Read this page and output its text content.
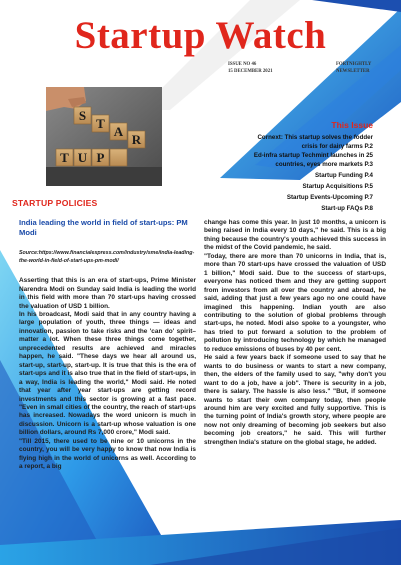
Startup Watch
ISSUE NO 46
15 DECEMBER 2021
FORTNIGHTLY
NEWSLETTER
S
T
A
R
T U P
This Issue
Cornext: This startup solves the fodder
crisis for dairy farms P.2
Ed-infra startup Techmint launches in 25
countries, eyes more markets P.3
Startup Funding P.4
Startup Acquisitions P.5
Startup Events-Upcoming P.7
Start-up FAQs P.8
STARTUP POLICIES
India leading the world in field of start-ups: PM Modi
Source:https://www.financialexpress.com/industry/sme/india-leading-the-world-in-field-of-start-ups-pm-modi/
Asserting that this is an era of start-ups, Prime Minister Narendra Modi on Sunday said India is leading the world in this field with more than 70 start-ups having crossed the valuation of USD 1 billion.
In his broadcast, Modi said that in any country having a large population of youth, three things — ideas and innovation, passion to take risks and the 'can do' spirit– matter a lot. When these three things come together, unprecedented results are achieved and miracles happen, he said. "These days we hear all around us, start-up, start-up, start-up. It is true that this is the era of start-ups and it is also true that in the field of start-ups, in a way, India is leading the world," Modi said. He noted that year after year start-ups are getting record investments and this sector is growing at a fast pace. "Even in small cities of the country, the reach of start-ups has increased. Nowadays the word unicorn is much in discussion. Unicorn is a start-up whose valuation is one billion dollars, around Rs 7,000 crore," Modi said.
"Till 2015, there used to be nine or 10 unicorns in the country, you will be very happy to know that now India is flying high in the world of unicorns as well. According to a report, a big
change has come this year. In just 10 months, a unicorn is being raised in India every 10 days," he said. This is a big thing because the country's youth achieved this success in the midst of the Covid pandemic, he said.
"Today, there are more than 70 unicorns in India, that is, more than 70 start-ups have crossed the valuation of USD 1 billion," Modi said. Due to the success of start-ups, everyone has noticed them and they are getting support from investors from all over the country and abroad, he said, adding that just a few years ago no one could have imagined this happening. Indian youth are also contributing to the solution of global problems through start-ups, he noted. Modi also spoke to a youngster, who has tried to put forward a solution to the problem of pollution by introducing technology by which he managed to reduce emissions of buses by 40 per cent.
He said a few years back if someone used to say that he wants to do business or wants to start a new company, then, the elders of the family used to say, "why don't you want to do a job, have a job". There is security in a job, there is salary. The hassle is also less." "But, if someone wants to start their own company today, then people around him are very excited and fully supportive. This is the turning point of India's growth story, where people are now not only dreaming of becoming job seekers but also becoming job creators," he said. This will further strengthen India's stature on the global stage, he added.
